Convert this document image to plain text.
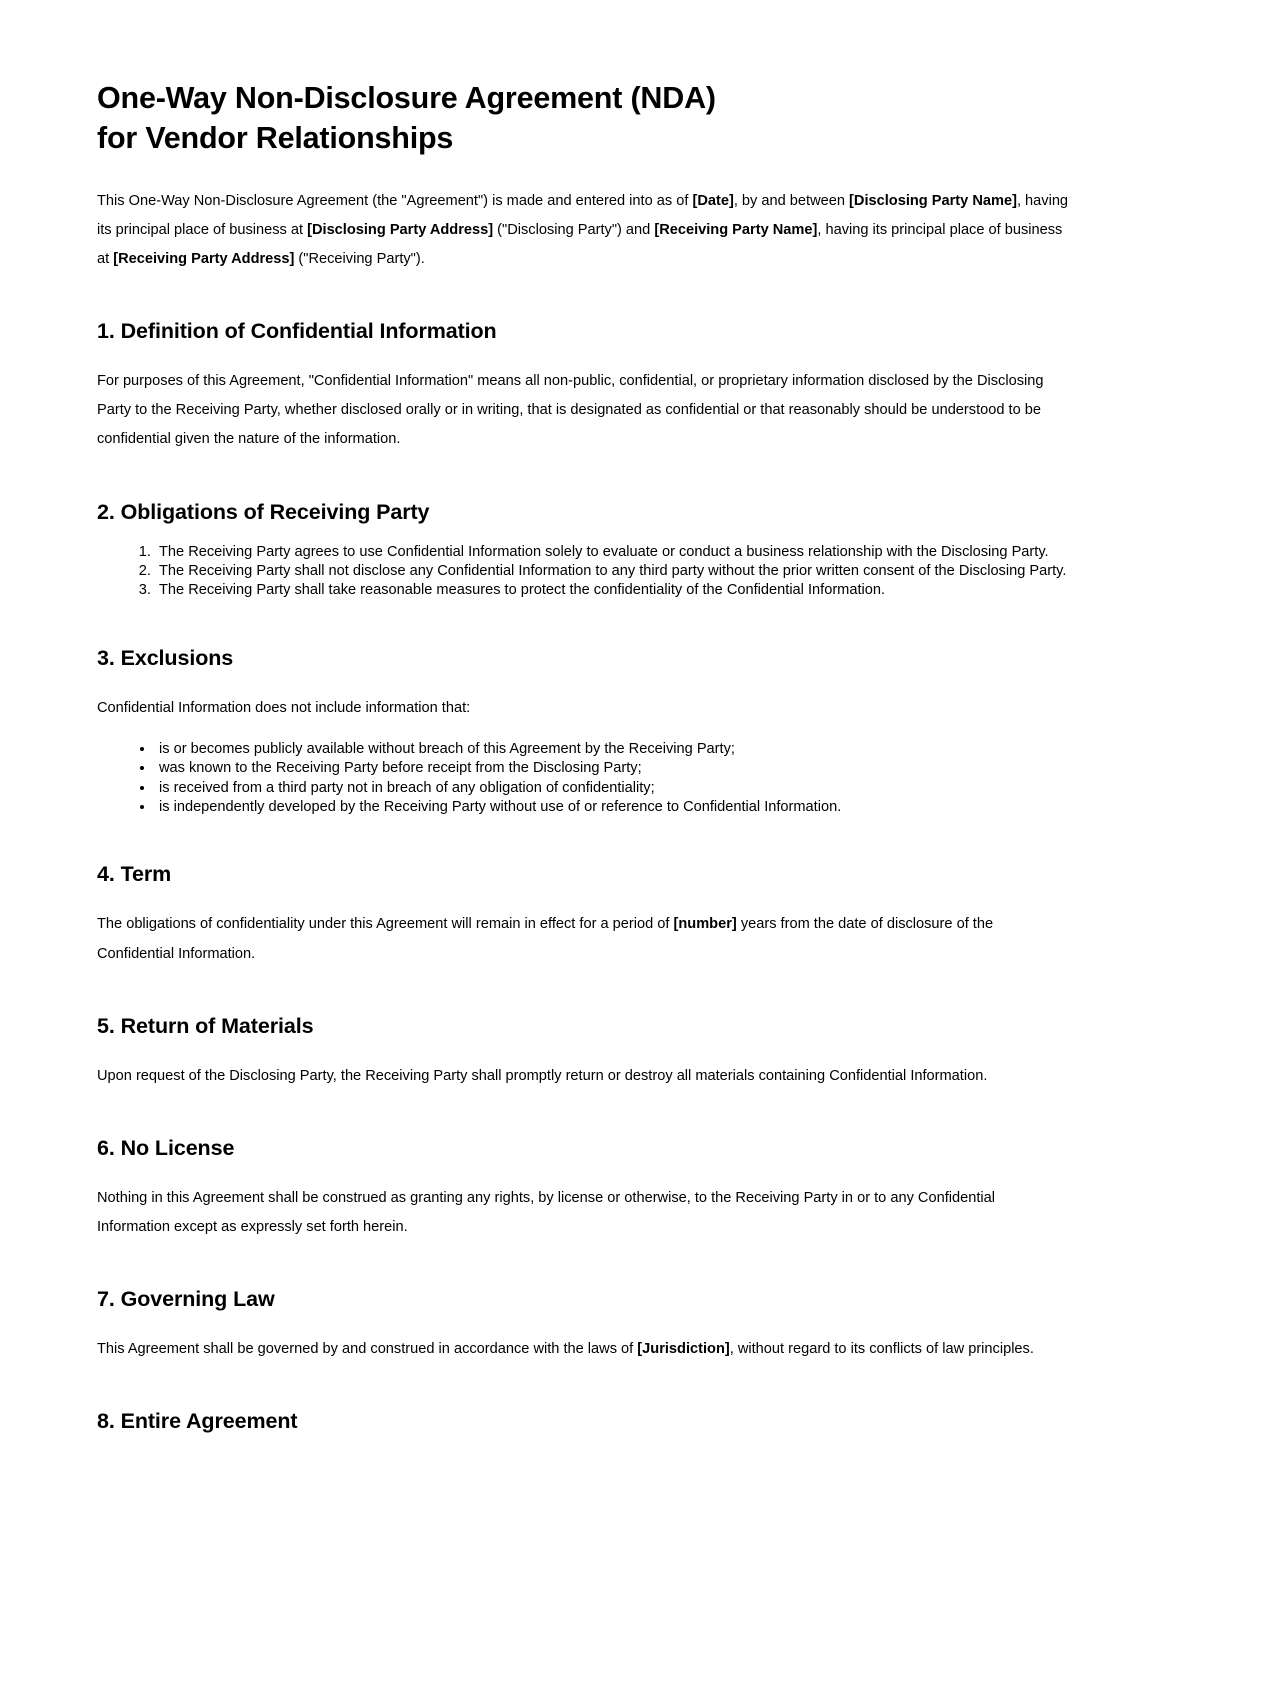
One-Way Non-Disclosure Agreement (NDA)
for Vendor Relationships

This One-Way Non-Disclosure Agreement (the "Agreement") is made and entered into as of [Date], by and between [Disclosing Party Name], having its principal place of business at [Disclosing Party Address] ("Disclosing Party") and [Receiving Party Name], having its principal place of business at [Receiving Party Address] ("Receiving Party").

1. Definition of Confidential Information

For purposes of this Agreement, "Confidential Information" means all non-public, confidential, or proprietary information disclosed by the Disclosing Party to the Receiving Party, whether disclosed orally or in writing, that is designated as confidential or that reasonably should be understood to be confidential given the nature of the information.

2. Obligations of Receiving Party
1. The Receiving Party agrees to use Confidential Information solely to evaluate or conduct a business relationship with the Disclosing Party.
2. The Receiving Party shall not disclose any Confidential Information to any third party without the prior written consent of the Disclosing Party.
3. The Receiving Party shall take reasonable measures to protect the confidentiality of the Confidential Information.
3. Exclusions

Confidential Information does not include information that:

• is or becomes publicly available without breach of this Agreement by the Receiving Party;
• was known to the Receiving Party before receipt from the Disclosing Party;
• is received from a third party not in breach of any obligation of confidentiality;
• is independently developed by the Receiving Party without use of or reference to Confidential Information.
4. Term

The obligations of confidentiality under this Agreement will remain in effect for a period of [number] years from the date of disclosure of the Confidential Information.

5. Return of Materials

Upon request of the Disclosing Party, the Receiving Party shall promptly return or destroy all materials containing Confidential Information.

6. No License

Nothing in this Agreement shall be construed as granting any rights, by license or otherwise, to the Receiving Party in or to any Confidential Information except as expressly set forth herein.

7. Governing Law

This Agreement shall be governed by and construed in accordance with the laws of [Jurisdiction], without regard to its conflicts of law principles.

8. Entire Agreement
